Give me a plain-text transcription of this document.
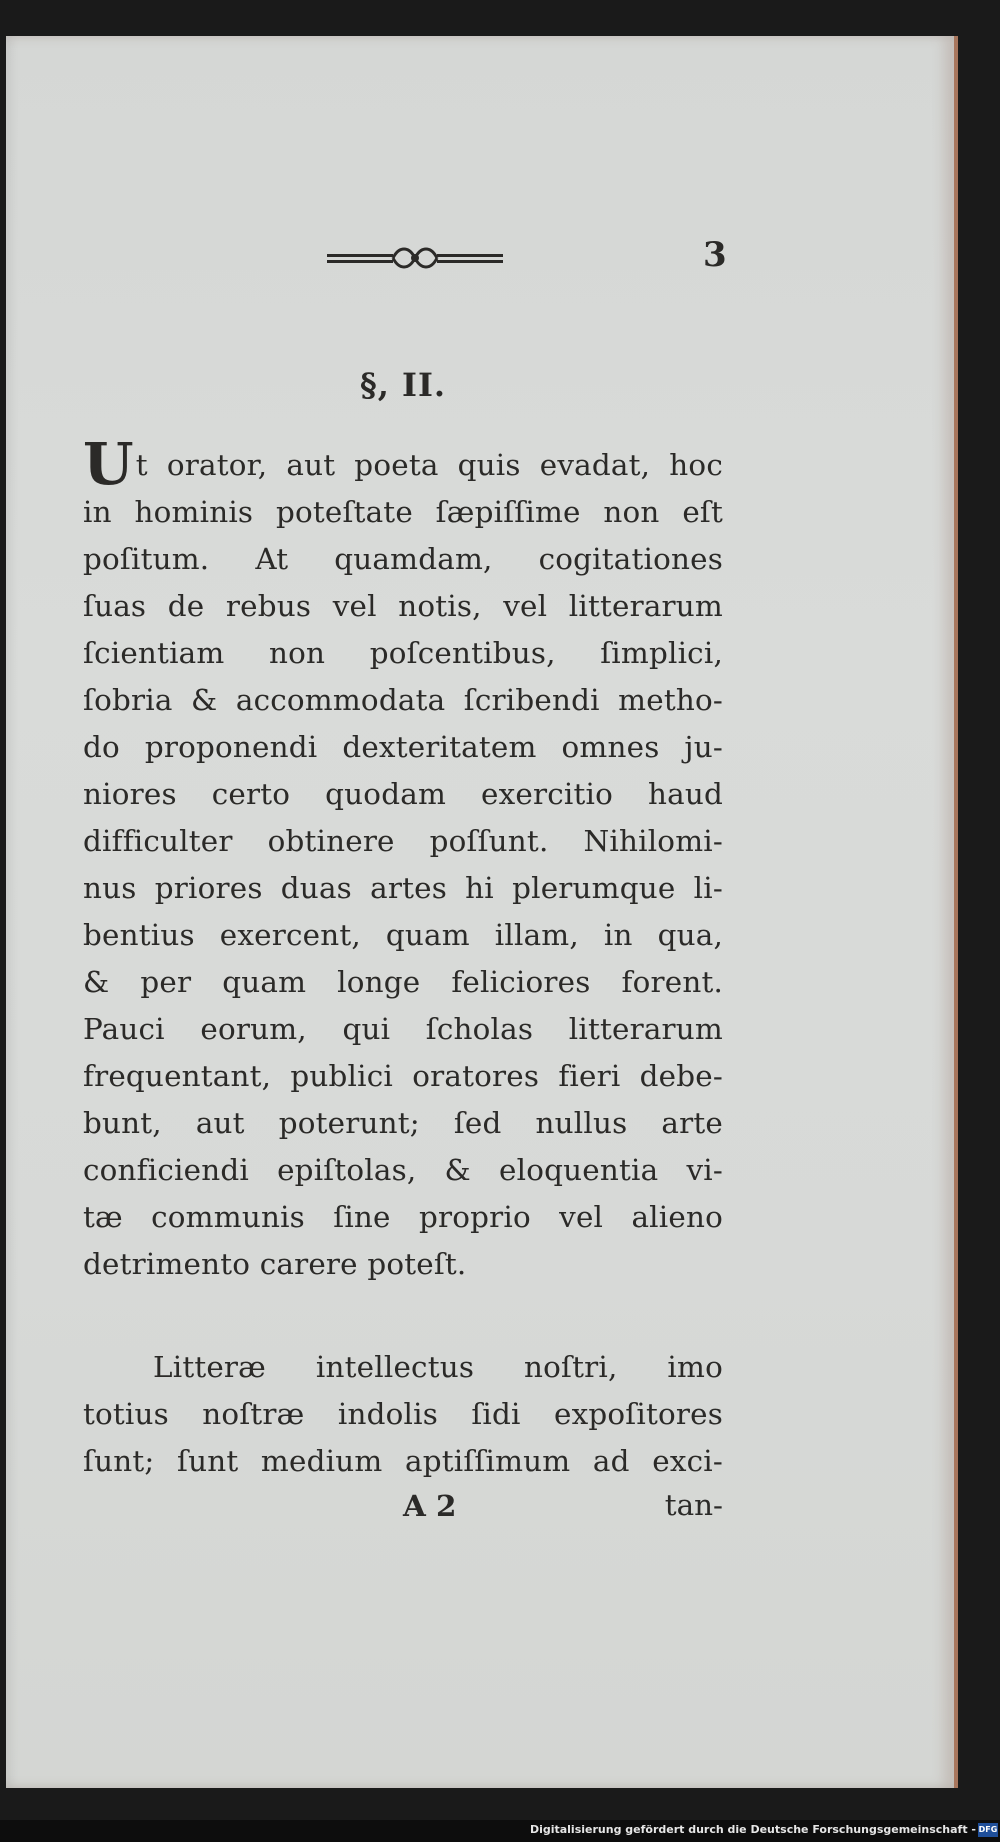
3
§, II.
U t orator, aut poeta quis evadat, hoc
in hominis poteſtate ſæpiſſime non eſt
poſitum. At quamdam, cogitationes
ſuas de rebus vel notis, vel litterarum
ſcientiam non poſcentibus, ſimplici,
ſobria & accommodata ſcribendi metho-
do proponendi dexteritatem omnes ju-
niores certo quodam exercitio haud
difficulter obtinere poſſunt. Nihilomi-
nus priores duas artes hi plerumque li-
bentius exercent, quam illam, in qua,
& per quam longe feliciores forent.
Pauci eorum, qui ſcholas litterarum
frequentant, publici oratores fieri debe-
bunt, aut poterunt; ſed nullus arte
conficiendi epiſtolas, & eloquentia vi-
tæ communis ſine proprio vel alieno
detrimento carere poteſt.
Litteræ intellectus noſtri, imo
totius noſtræ indolis ſidi expoſitores
ſunt; ſunt medium aptiſſimum ad exci-
A 2	tan-
Digitalisierung gefördert durch die Deutsche Forschungsgemeinschaft - DFG
